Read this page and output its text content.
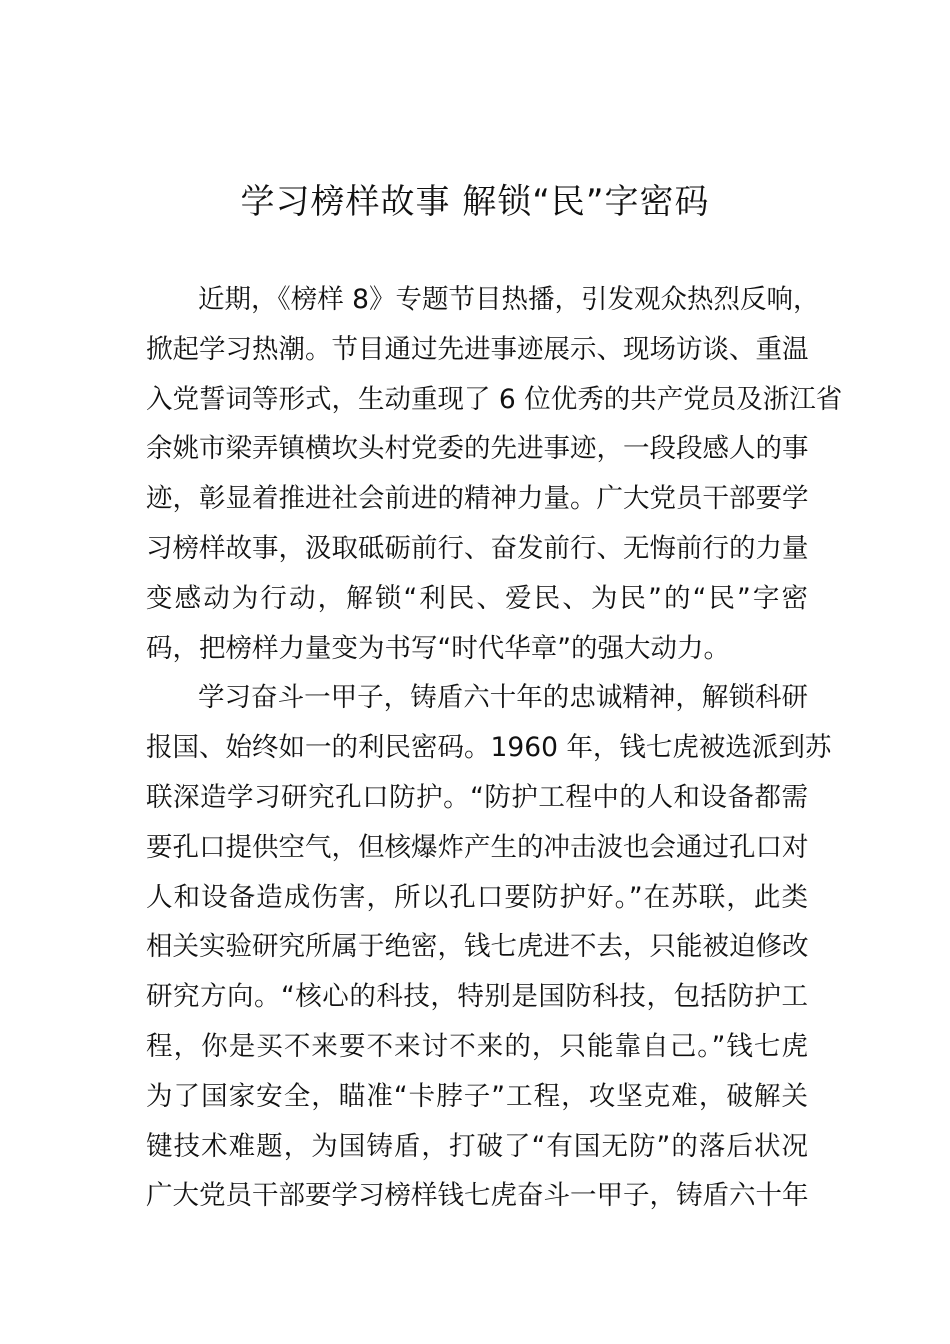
学习榜样故事 解锁“民”字密码
近期，《榜样 8》专题节目热播，引发观众热烈反响，
掀起学习热潮。节目通过先进事迹展示、现场访谈、重温
入党誓词等形式，生动重现了 6 位优秀的共产党员及浙江省
余姚市梁弄镇横坎头村党委的先进事迹，一段段感人的事
迹，彰显着推进社会前进的精神力量。广大党员干部要学
习榜样故事，汲取砥砺前行、奋发前行、无悔前行的力量
变感动为行动，解锁“利民、爱民、为民”的“民”字密
码，把榜样力量变为书写“时代华章”的强大动力。
学习奋斗一甲子，铸盾六十年的忠诚精神，解锁科研
报国、始终如一的利民密码。1960 年，钱七虎被选派到苏
联深造学习研究孔口防护。“防护工程中的人和设备都需
要孔口提供空气，但核爆炸产生的冲击波也会通过孔口对
人和设备造成伤害，所以孔口要防护好。”在苏联，此类
相关实验研究所属于绝密，钱七虎进不去，只能被迫修改
研究方向。“核心的科技，特别是国防科技，包括防护工
程，你是买不来要不来讨不来的，只能靠自己。”钱七虎
为了国家安全，瞄准“卡脖子”工程，攻坚克难，破解关
键技术难题，为国铸盾，打破了“有国无防”的落后状况
广大党员干部要学习榜样钱七虎奋斗一甲子，铸盾六十年
